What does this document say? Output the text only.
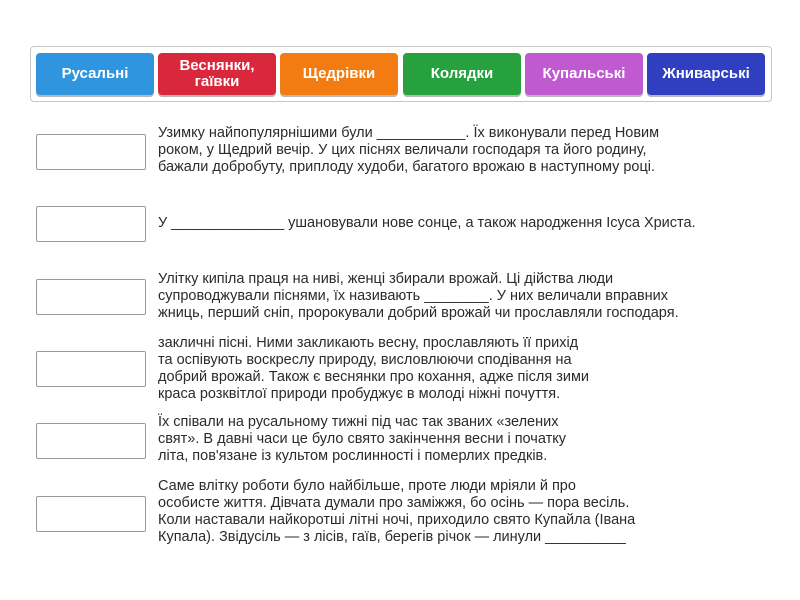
Русальні	Веснянки,
гаївки	Щедрівки	Колядки	Купальські	Жниварські
Узимку найпопулярнішими були ___________. Їх виконували перед Новим
роком, у Щедрий вечір. У цих піснях величали господаря та його родину,
бажали добробуту, приплоду худоби, багатого врожаю в наступному році.
У ______________ ушановували нове сонце, а також народження Ісуса Христа.
Улітку кипіла праця на ниві, женці збирали врожай. Ці дійства люди
супроводжували піснями, їх називають ________. У них величали вправних
жниць, перший сніп, пророкували добрий врожай чи прославляли господаря.
закличні пісні. Ними закликають весну, прославляють її прихід
та оспівують воскреслу природу, висловлюючи сподівання на
добрий врожай. Також є веснянки про кохання, адже після зими
краса розквітлої природи пробуджує в молоді ніжні почуття.
Їх співали на русальному тижні під час так званих «зелених
свят». В давні часи це було свято закінчення весни і початку
літа, пов'язане із культом рослинності і померлих предків.
Саме влітку роботи було найбільше, проте люди мріяли й про
особисте життя. Дівчата думали про заміжжя, бо осінь — пора весіль.
Коли наставали найкоротші літні ночі, приходило свято Купайла (Івана
Купала). Звідусіль — з лісів, гаїв, берегів річок — линули __________
